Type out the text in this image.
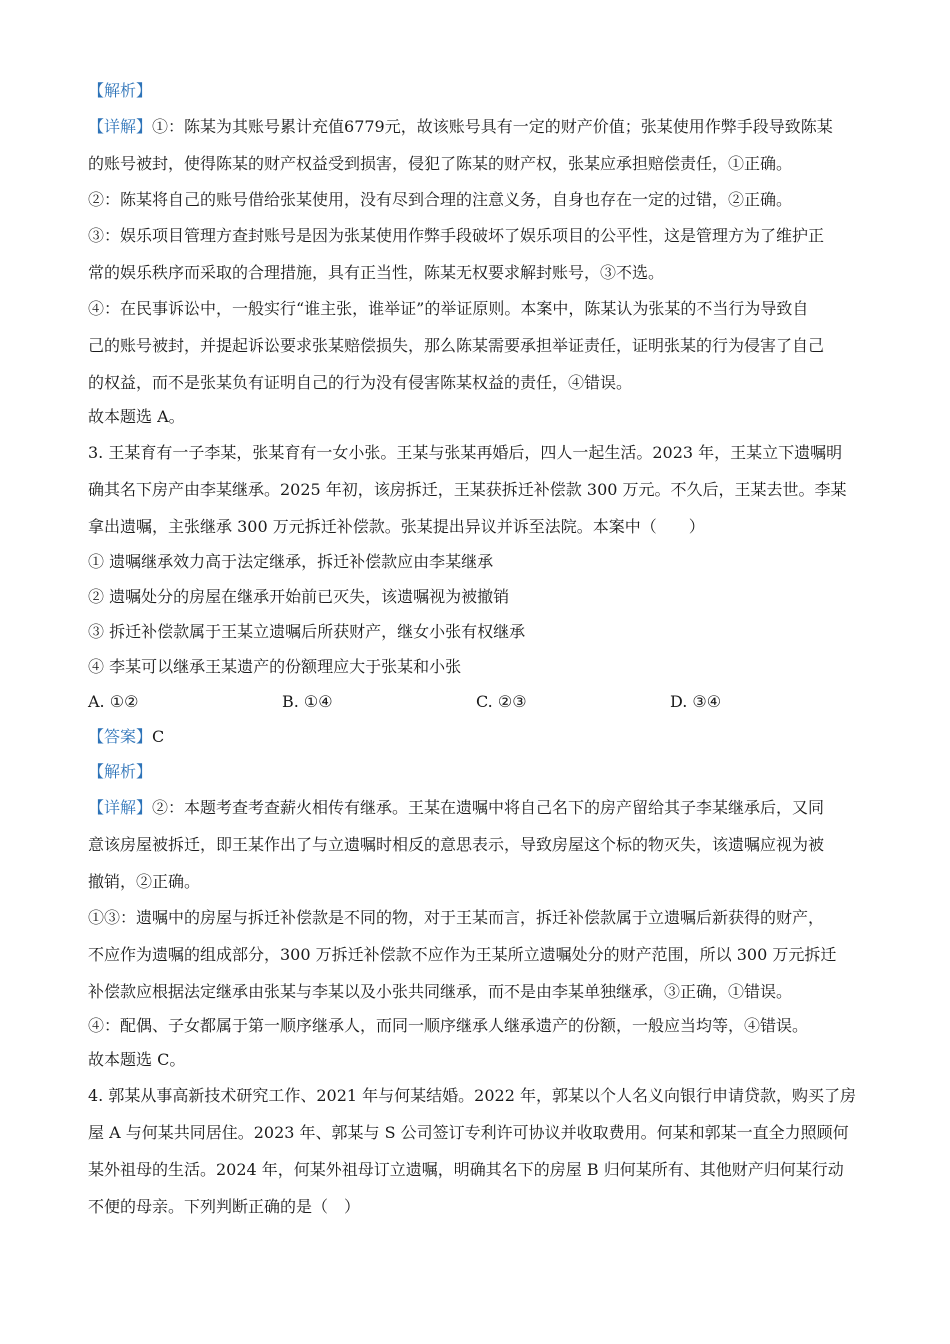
【解析】
【详解】①：陈某为其账号累计充值6779元，故该账号具有一定的财产价值；张某使用作弊手段导致陈某
的账号被封，使得陈某的财产权益受到损害，侵犯了陈某的财产权，张某应承担赔偿责任，①正确。
②：陈某将自己的账号借给张某使用，没有尽到合理的注意义务，自身也存在一定的过错，②正确。
③：娱乐项目管理方查封账号是因为张某使用作弊手段破坏了娱乐项目的公平性，这是管理方为了维护正
常的娱乐秩序而采取的合理措施，具有正当性，陈某无权要求解封账号，③不选。
④：在民事诉讼中，一般实行“谁主张，谁举证”的举证原则。本案中，陈某认为张某的不当行为导致自
己的账号被封，并提起诉讼要求张某赔偿损失，那么陈某需要承担举证责任，证明张某的行为侵害了自己
的权益，而不是张某负有证明自己的行为没有侵害陈某权益的责任，④错误。
故本题选 A。
3. 王某育有一子李某，张某育有一女小张。王某与张某再婚后，四人一起生活。2023 年，王某立下遗嘱明
确其名下房产由李某继承。2025 年初，该房拆迁，王某获拆迁补偿款 300 万元。不久后，王某去世。李某
拿出遗嘱，主张继承 300 万元拆迁补偿款。张某提出异议并诉至法院。本案中（　　）
① 遗嘱继承效力高于法定继承，拆迁补偿款应由李某继承
② 遗嘱处分的房屋在继承开始前已灭失，该遗嘱视为被撤销
③ 拆迁补偿款属于王某立遗嘱后所获财产，继女小张有权继承
④ 李某可以继承王某遗产的份额理应大于张某和小张
A. ①②	B. ①④	C. ②③	D. ③④
【答案】C
【解析】
【详解】②：本题考查考查薪火相传有继承。王某在遗嘱中将自己名下的房产留给其子李某继承后，又同
意该房屋被拆迁，即王某作出了与立遗嘱时相反的意思表示，导致房屋这个标的物灭失，该遗嘱应视为被
撤销，②正确。
①③：遗嘱中的房屋与拆迁补偿款是不同的物，对于王某而言，拆迁补偿款属于立遗嘱后新获得的财产，
不应作为遗嘱的组成部分，300 万拆迁补偿款不应作为王某所立遗嘱处分的财产范围，所以 300 万元拆迁
补偿款应根据法定继承由张某与李某以及小张共同继承，而不是由李某单独继承，③正确，①错误。
④：配偶、子女都属于第一顺序继承人，而同一顺序继承人继承遗产的份额，一般应当均等，④错误。
故本题选 C。
4. 郭某从事高新技术研究工作、2021 年与何某结婚。2022 年，郭某以个人名义向银行申请贷款，购买了房
屋 A 与何某共同居住。2023 年、郭某与 S 公司签订专利许可协议并收取费用。何某和郭某一直全力照顾何
某外祖母的生活。2024 年，何某外祖母订立遗嘱，明确其名下的房屋 B 归何某所有、其他财产归何某行动
不便的母亲。下列判断正确的是（　）
